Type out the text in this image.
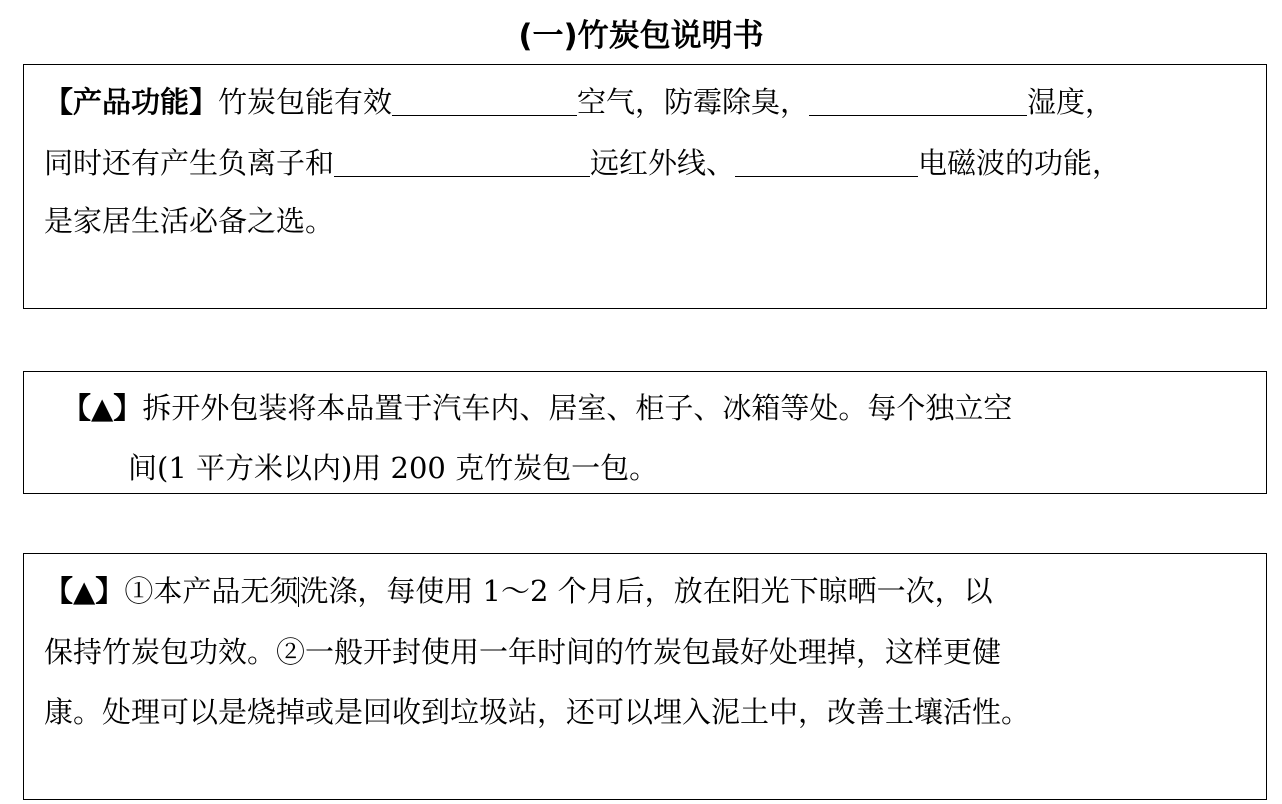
(一)竹炭包说明书
【产品功能】竹炭包能有效	空气，防霉除臭，	湿度，
同时还有产生负离子和	远红外线、	电磁波的功能，
是家居生活必备之选。
【▲】拆开外包装将本品置于汽车内、居室、柜子、冰箱等处。每个独立空
间(1 平方米以内)用 200 克竹炭包一包。
【▲】①本产品无须洗涤，每使用 1～2 个月后，放在阳光下晾晒一次，以
保持竹炭包功效。②一般开封使用一年时间的竹炭包最好处理掉，这样更健
康。处理可以是烧掉或是回收到垃圾站，还可以埋入泥土中，改善土壤活性。
